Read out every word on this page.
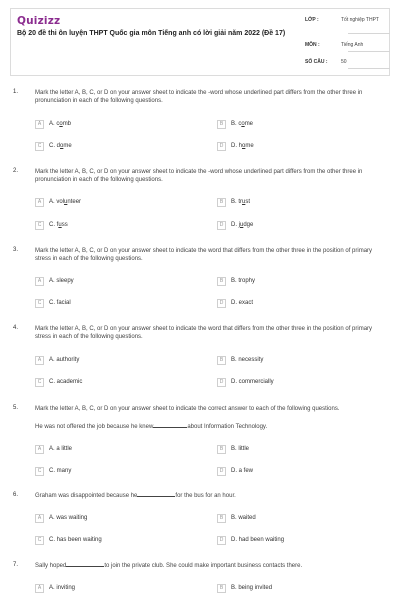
Quizizz
Bộ 20 đề thi ôn luyện THPT Quốc gia môn Tiếng anh có lời giải năm 2022 (Đề 17)
LỚP :	Tốt nghiệp THPT
MÔN :	Tiếng Anh
SỐ CÂU :	50
1.	Mark the letter A, B, C, or D on your answer sheet to indicate the -word whose underlined part differs from the other three in pronunciation in each of the following questions.
A	A. comb	B	B. come
C	C. dome	D	D. home
2.	Mark the letter A, B, C, or D on your answer sheet to indicate the -word whose underlined part differs from the other three in pronunciation in each of the following questions.
A	A. volunteer	B	B. trust
C	C. fuss	D	D. judge
3.	Mark the letter A, B, C, or D on your answer sheet to indicate the word that differs from the other three in the position of primary stress in each of the following questions.
A	A. sleepy	B	B. trophy
C	C. facial	D	D. exact
4.	Mark the letter A, B, C, or D on your answer sheet to indicate the word that differs from the other three in the position of primary stress in each of the following questions.
A	A. authority	B	B. necessity
C	C. academic	D	D. commercially
5.	Mark the letter A, B, C, or D on your answer sheet to indicate the correct answer to each of the following questions.
He was not offered the job because he knew	about Information Technology.
A	A. a little	B	B. little
C	C. many	D	D. a few
6.	Graham was disappointed because he	for the bus for an hour.
A	A. was waiting	B	B. waited
C	C. has been waiting	D	D. had been waiting
7.	Sally hoped	to join the private club. She could make important business contacts there.
A	A. inviting	B	B. being invited
